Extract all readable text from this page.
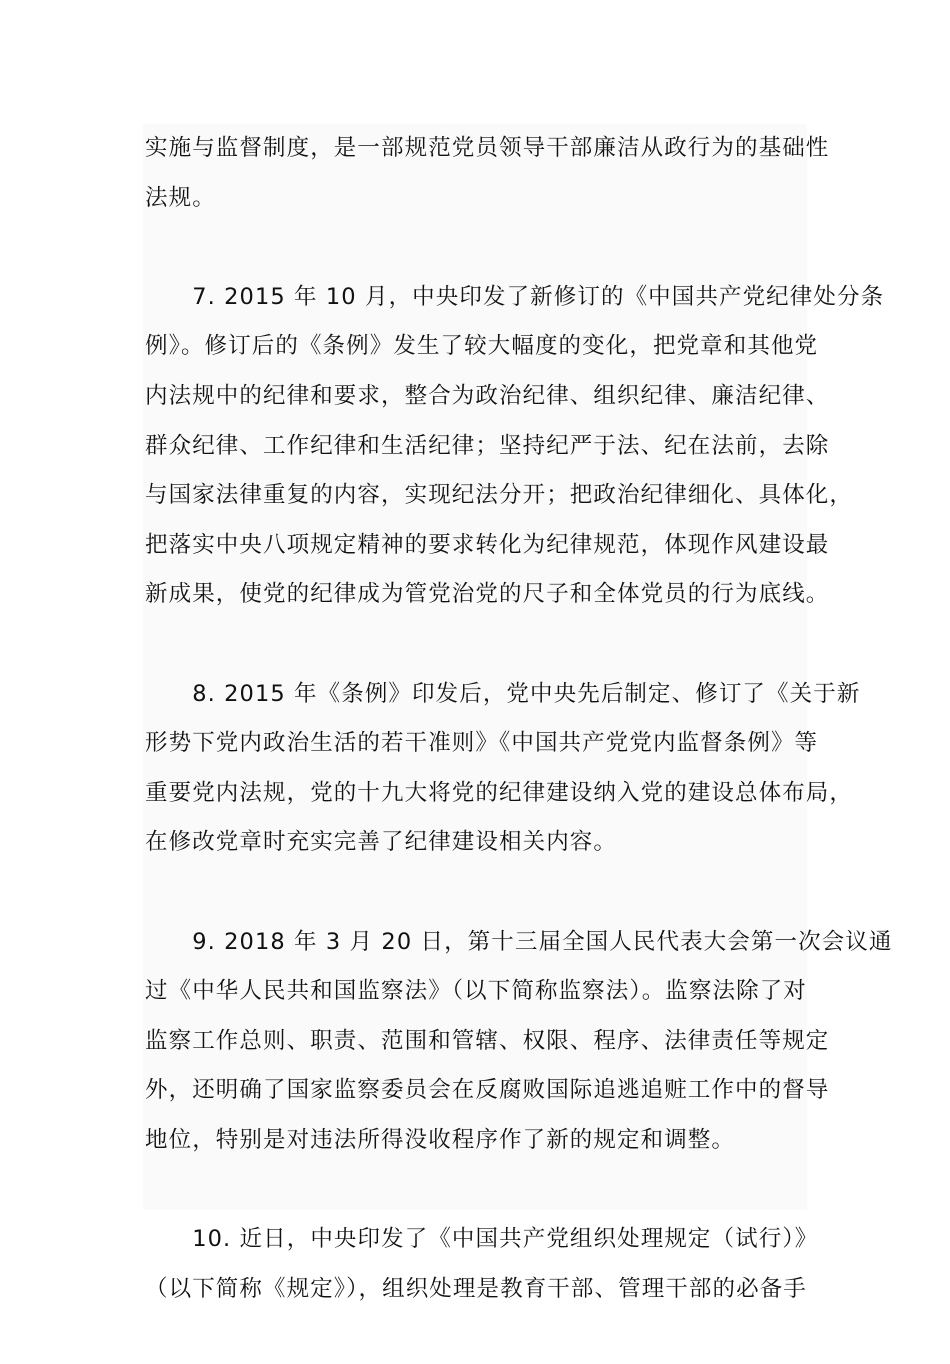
实施与监督制度，是一部规范党员领导干部廉洁从政行为的基础性
法规。
　　7. 2015 年 10 月，中央印发了新修订的《中国共产党纪律处分条
例》。修订后的《条例》发生了较大幅度的变化，把党章和其他党
内法规中的纪律和要求，整合为政治纪律、组织纪律、廉洁纪律、
群众纪律、工作纪律和生活纪律；坚持纪严于法、纪在法前，去除
与国家法律重复的内容，实现纪法分开；把政治纪律细化、具体化，
把落实中央八项规定精神的要求转化为纪律规范，体现作风建设最
新成果，使党的纪律成为管党治党的尺子和全体党员的行为底线。
　　8. 2015 年《条例》印发后，党中央先后制定、修订了《关于新
形势下党内政治生活的若干准则》《中国共产党党内监督条例》等
重要党内法规，党的十九大将党的纪律建设纳入党的建设总体布局，
在修改党章时充实完善了纪律建设相关内容。
　　9. 2018 年 3 月 20 日，第十三届全国人民代表大会第一次会议通
过《中华人民共和国监察法》（以下简称监察法）。监察法除了对
监察工作总则、职责、范围和管辖、权限、程序、法律责任等规定
外，还明确了国家监察委员会在反腐败国际追逃追赃工作中的督导
地位，特别是对违法所得没收程序作了新的规定和调整。
　　10. 近日，中央印发了《中国共产党组织处理规定（试行）》
（以下简称《规定》），组织处理是教育干部、管理干部的必备手
